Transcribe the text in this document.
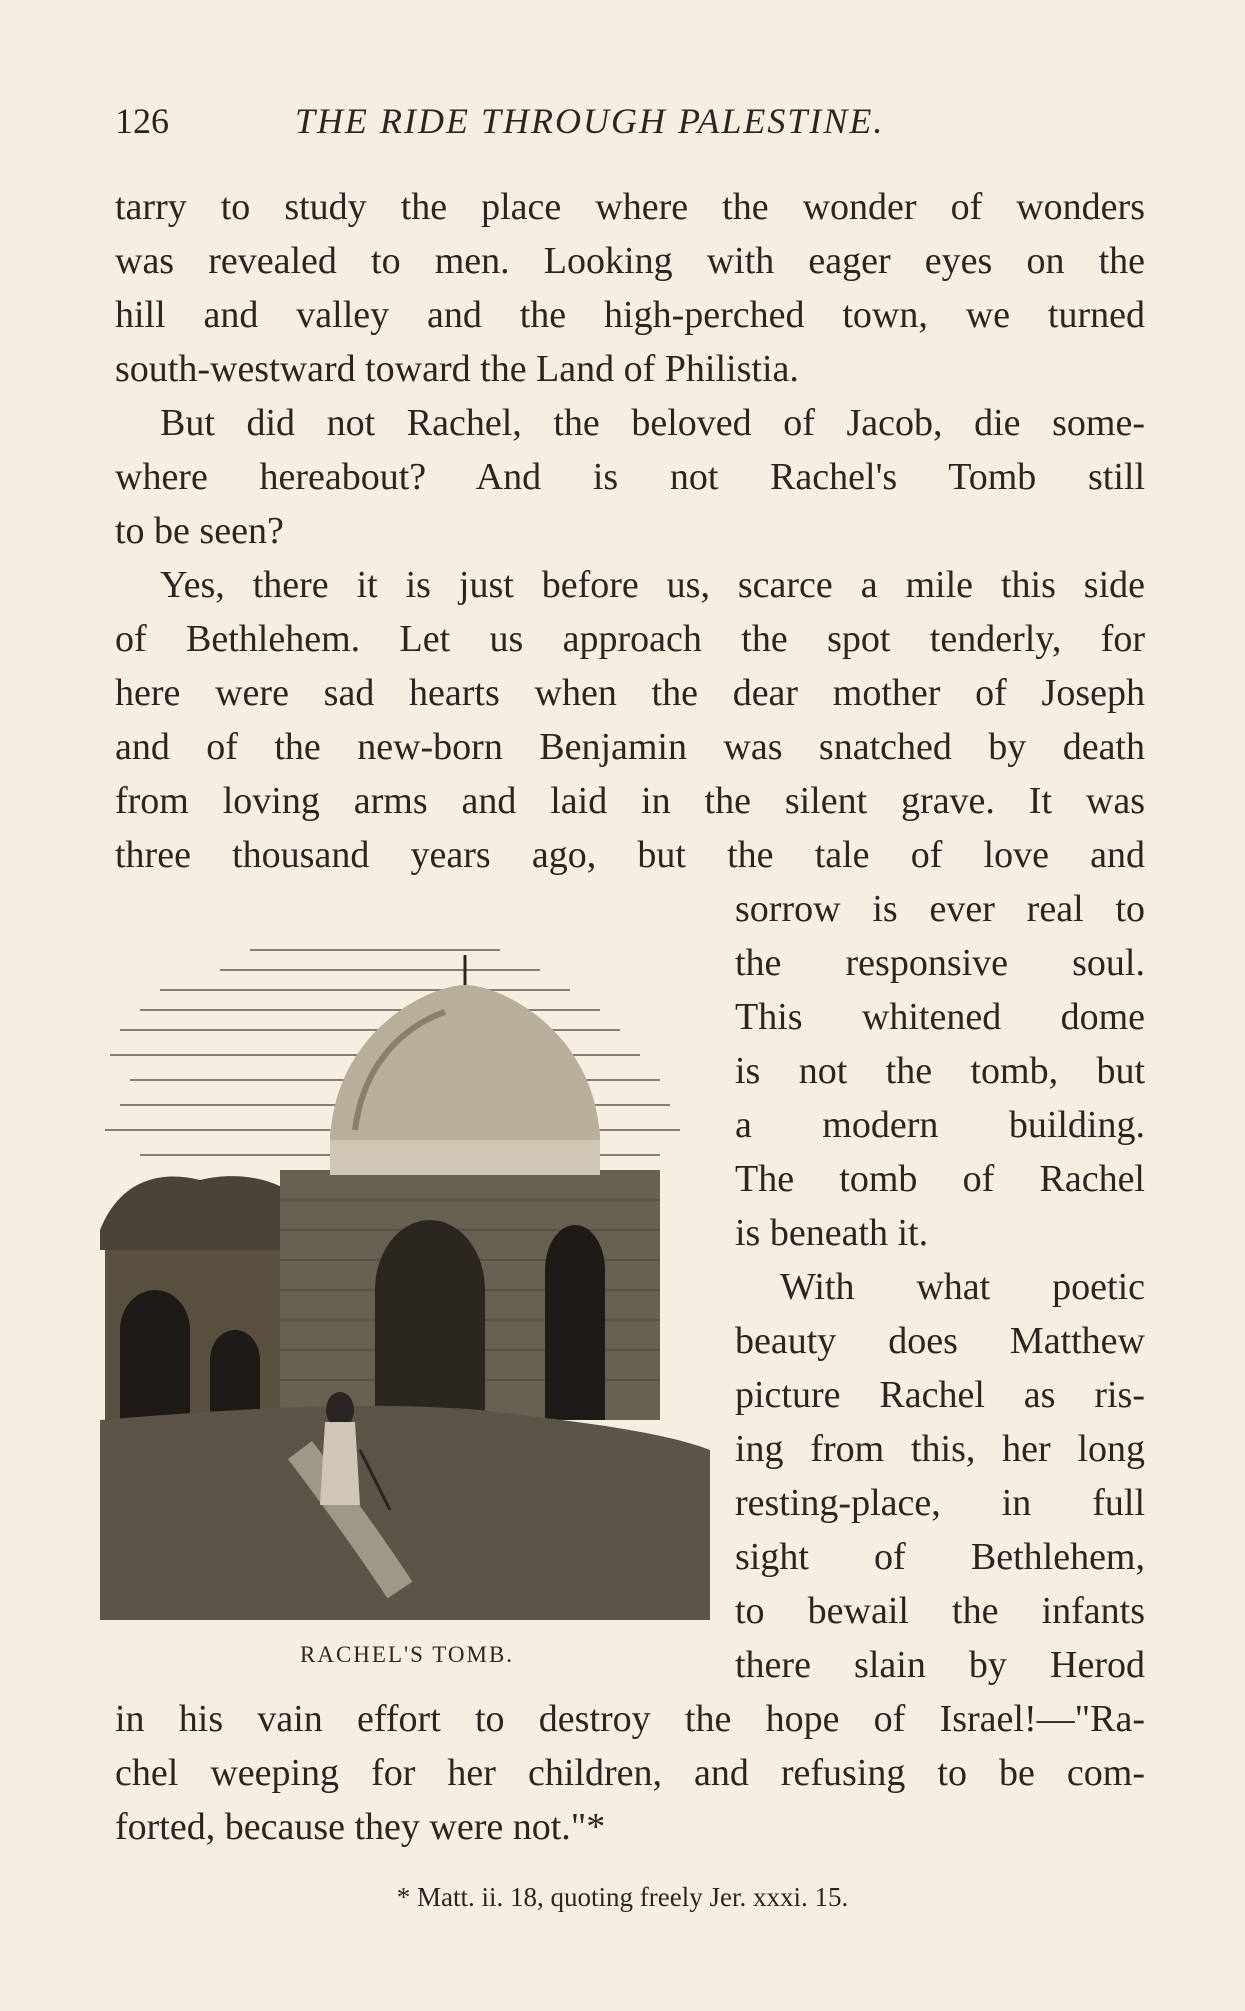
126	THE RIDE THROUGH PALESTINE.
tarry to study the place where the wonder of wonders
was revealed to men. Looking with eager eyes on the
hill and valley and the high-perched town, we turned
south-westward toward the Land of Philistia.
But did not Rachel, the beloved of Jacob, die some-
where hereabout? And is not Rachel's Tomb still
to be seen?
Yes, there it is just before us, scarce a mile this side
of Bethlehem. Let us approach the spot tenderly, for
here were sad hearts when the dear mother of Joseph
and of the new-born Benjamin was snatched by death
from loving arms and laid in the silent grave. It was
three thousand years ago, but the tale of love and
sorrow is ever real to
the responsive soul.
This whitened dome
is not the tomb, but
a modern building.
The tomb of Rachel
is beneath it.
With what poetic
beauty does Matthew
picture Rachel as ris-
ing from this, her long
resting-place, in full
sight of Bethlehem,
to bewail the infants
there slain by Herod
in his vain effort to destroy the hope of Israel!—"Ra-
chel weeping for her children, and refusing to be com-
forted, because they were not."*
RACHEL'S TOMB.
* Matt. ii. 18, quoting freely Jer. xxxi. 15.
